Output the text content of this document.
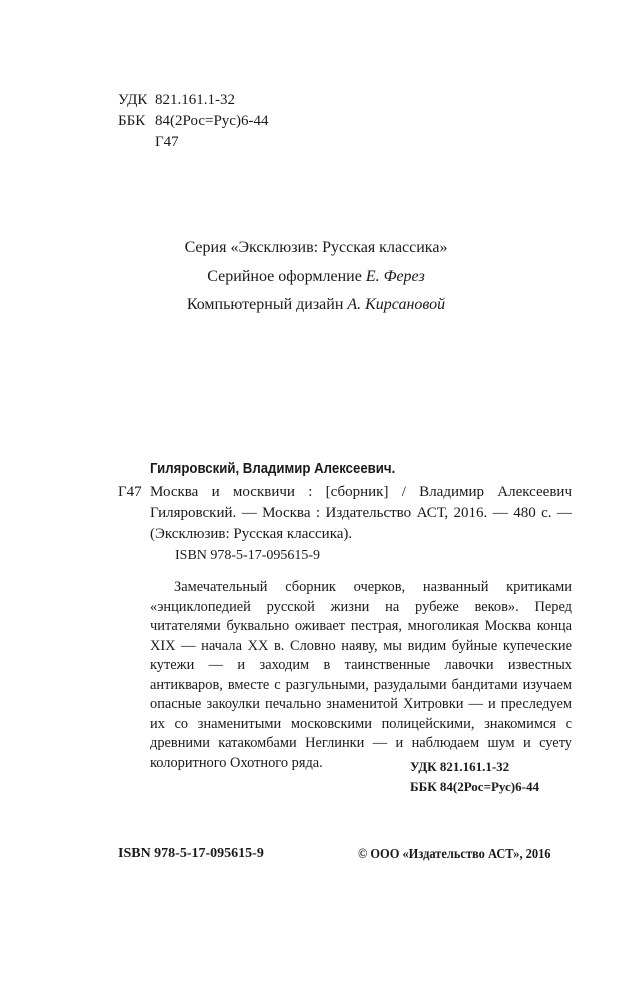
УДК 821.161.1-32
ББК 84(2Рос=Рус)6-44
Г47
Серия «Эксклюзив: Русская классика»
Серийное оформление Е. Ферез
Компьютерный дизайн А. Кирсановой
Гиляровский, Владимир Алексеевич.
Г47 Москва и москвичи : [сборник] / Владимир Алексеевич Гиляровский. — Москва : Издательство АСТ, 2016. — 480 с. — (Эксклюзив: Русская классика).
ISBN 978-5-17-095615-9
Замечательный сборник очерков, названный критиками «энциклопедией русской жизни на рубеже веков». Перед читателями буквально оживает пестрая, многоликая Москва конца XIX — начала XX в. Словно наяву, мы видим буйные купеческие кутежи — и заходим в таинственные лавочки известных антикваров, вместе с разгульными, разудалыми бандитами изучаем опасные закоулки печально знаменитой Хитровки — и преследуем их со знаменитыми московскими полицейскими, знакомимся с древними катакомбами Неглинки — и наблюдаем шум и суету колоритного Охотного ряда.	УДК 821.161.1-32
ББК 84(2Рос=Рус)6-44
ISBN 978-5-17-095615-9	© ООО «Издательство АСТ», 2016
